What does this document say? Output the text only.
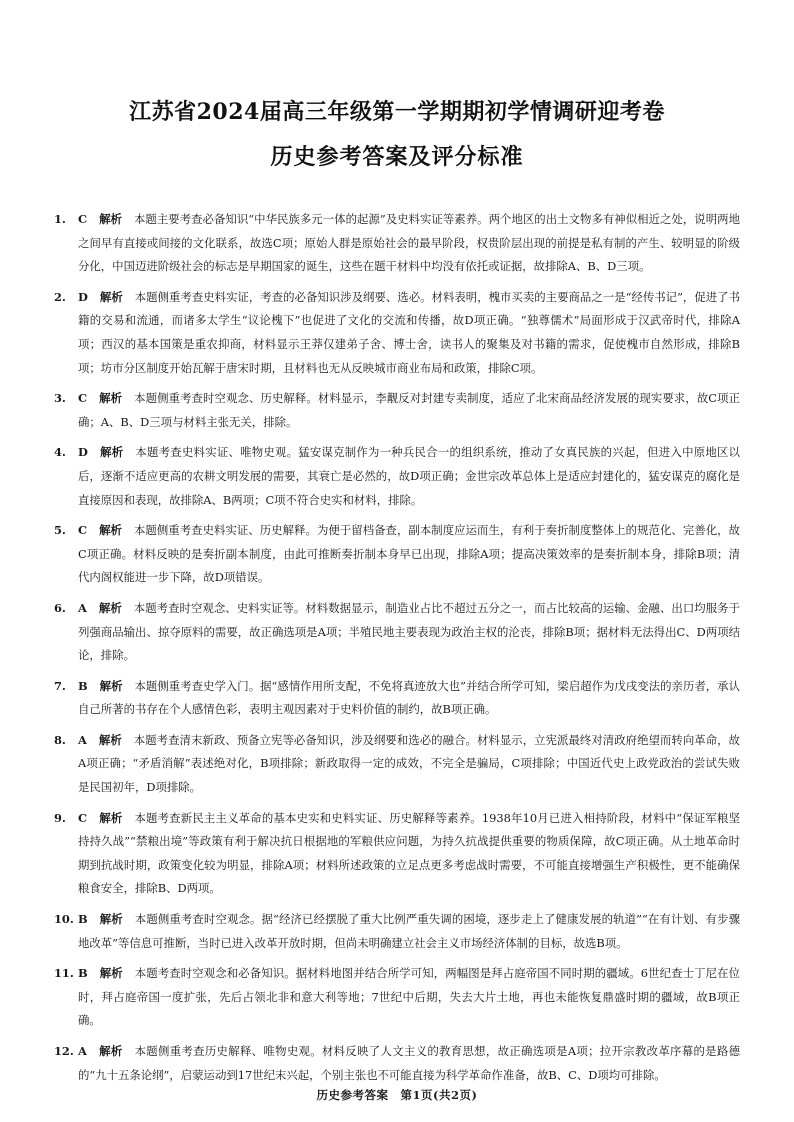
江苏省2024届高三年级第一学期期初学情调研迎考卷
历史参考答案及评分标准
1.	C 解析 本题主要考查必备知识“中华民族多元一体的起源”及史料实证等素养。两个地区的出土文物多有神似相近之处，说明两地之间早有直接或间接的文化联系，故选C项；原始人群是原始社会的最早阶段，权贵阶层出现的前提是私有制的产生、较明显的阶级分化，中国迈进阶级社会的标志是早期国家的诞生，这些在题干材料中均没有依托或证据，故排除A、B、D三项。
2.	D 解析 本题侧重考查史料实证，考查的必备知识涉及纲要、选必。材料表明，槐市买卖的主要商品之一是“经传书记”，促进了书籍的交易和流通，而诸多太学生“议论槐下”也促进了文化的交流和传播，故D项正确。“独尊儒术”局面形成于汉武帝时代，排除A项；西汉的基本国策是重农抑商，材料显示王莽仅建弟子舍、博士舍，读书人的聚集及对书籍的需求，促使槐市自然形成，排除B项；坊市分区制度开始瓦解于唐宋时期，且材料也无从反映城市商业布局和政策，排除C项。
3.	C 解析 本题侧重考查时空观念、历史解释。材料显示，李觏反对封建专卖制度，适应了北宋商品经济发展的现实要求，故C项正确；A、B、D三项与材料主张无关，排除。
4.	D 解析 本题考查史料实证、唯物史观。猛安谋克制作为一种兵民合一的组织系统，推动了女真民族的兴起，但进入中原地区以后，逐渐不适应更高的农耕文明发展的需要，其衰亡是必然的，故D项正确；金世宗改革总体上是适应封建化的，猛安谋克的腐化是直接原因和表现，故排除A、B两项；C项不符合史实和材料，排除。
5.	C 解析 本题侧重考查史料实证、历史解释。为便于留档备查，副本制度应运而生，有利于奏折制度整体上的规范化、完善化，故C项正确。材料反映的是奏折副本制度，由此可推断奏折制本身早已出现，排除A项；提高决策效率的是奏折制本身，排除B项；清代内阁权能进一步下降，故D项错误。
6.	A 解析 本题考查时空观念、史料实证等。材料数据显示，制造业占比不超过五分之一，而占比较高的运输、金融、出口均服务于列强商品输出、掠夺原料的需要，故正确选项是A项；半殖民地主要表现为政治主权的沦丧，排除B项；据材料无法得出C、D两项结论，排除。
7.	B 解析 本题侧重考查史学入门。据“感情作用所支配，不免将真迹放大也”并结合所学可知，梁启超作为戊戌变法的亲历者，承认自己所著的书存在个人感情色彩，表明主观因素对于史料价值的制约，故B项正确。
8.	A 解析 本题考查清末新政、预备立宪等必备知识，涉及纲要和选必的融合。材料显示，立宪派最终对清政府绝望而转向革命，故A项正确；“矛盾消解”表述绝对化，B项排除；新政取得一定的成效，不完全是骗局，C项排除；中国近代史上政党政治的尝试失败是民国初年，D项排除。
9.	C 解析 本题考查新民主主义革命的基本史实和史料实证、历史解释等素养。1938年10月已进入相持阶段，材料中“保证军粮坚持持久战”“禁粮出境”等政策有利于解决抗日根据地的军粮供应问题，为持久抗战提供重要的物质保障，故C项正确。从土地革命时期到抗战时期，政策变化较为明显，排除A项；材料所述政策的立足点更多考虑战时需要，不可能直接增强生产积极性，更不能确保粮食安全，排除B、D两项。
10. B 解析 本题侧重考查时空观念。据“经济已经摆脱了重大比例严重失调的困境，逐步走上了健康发展的轨道”“在有计划、有步骤地改革”等信息可推断，当时已进入改革开放时期，但尚未明确建立社会主义市场经济体制的目标，故选B项。
11. B 解析 本题考查时空观念和必备知识。据材料地图并结合所学可知，两幅图是拜占庭帝国不同时期的疆域。6世纪查士丁尼在位时，拜占庭帝国一度扩张，先后占领北非和意大利等地；7世纪中后期，失去大片土地，再也未能恢复鼎盛时期的疆域，故B项正确。
12. A 解析 本题侧重考查历史解释、唯物史观。材料反映了人文主义的教育思想，故正确选项是A项；拉开宗教改革序幕的是路德的“九十五条论纲”，启蒙运动到17世纪末兴起，个别主张也不可能直接为科学革命作准备，故B、C、D项均可排除。
历史参考答案　第1页(共2页)
